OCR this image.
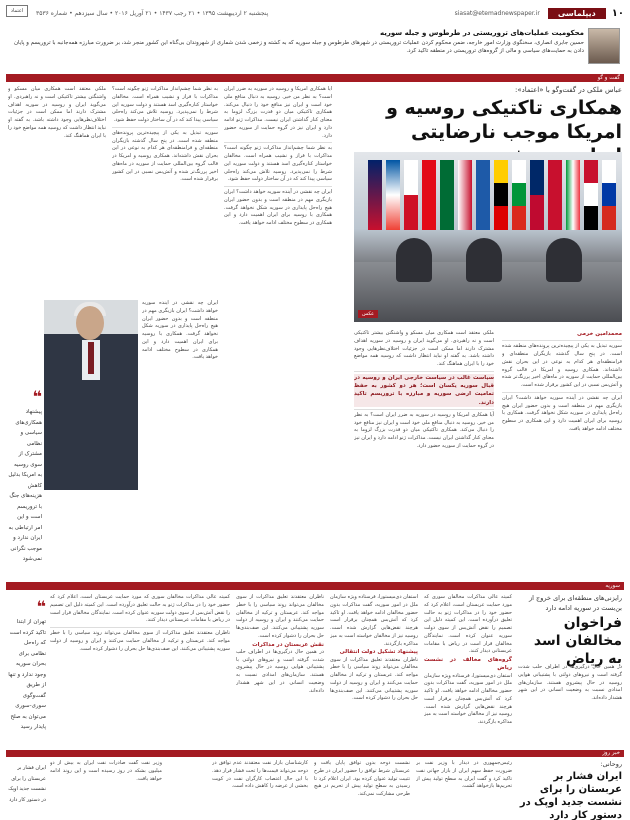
۱۰
دیپلماسی
siasat@etemadnewspaper.ir
پنجشنبه ۲ اردیبهشت ۱۳۹۵ • ۲۱ رجب ۱۴۳۷ • ۲۱ آوریل ۲۰۱۶ • سال سیزدهم • شماره ۳۵۳۶
اعتماد
محکومیت عملیات‌های تروریستی در طرطوس و جبله سوریه
حسین جابری انصاری، سخنگوی وزارت امور خارجه، ضمن محکوم کردن عملیات تروریستی در شهرهای طرطوس و جبله سوریه که به کشته و زخمی شدن شماری از شهروندان بی‌گناه این کشور منجر شد، بر ضرورت مبارزه همه‌جانبه با تروریسم و پایان دادن به حمایت‌های سیاسی و مالی از گروه‌های تروریستی در منطقه تاکید کرد.
گفت و گو
عباس ملکی در گفت‌وگو با «اعتماد»:
همکاری تاکتیکی روسیه و امریکا موجب نارضایتی
عکس
محمدامین خرمی
سوریه تبدیل به یکی از پیچیده‌ترین پرونده‌های منطقه شده است. در پنج سال گذشته بازیگران منطقه‌ای و فرامنطقه‌ای هر کدام به نوعی در این بحران نقش داشته‌اند. همکاری روسیه و امریکا در قالب گروه بین‌المللی حمایت از سوریه در ماه‌های اخیر پررنگ‌تر شده و آتش‌بس نسبی در این کشور برقرار شده است.
ایران چه نقشی در آینده سوریه خواهد داشت؟ ایران بازیگری مهم در منطقه است و بدون حضور ایران هیچ راه‌حل پایداری در سوریه شکل نخواهد گرفت. همکاری با روسیه برای ایران اهمیت دارد و این همکاری در سطوح مختلف ادامه خواهد یافت.
ملکی معتقد است همکاری میان مسکو و واشنگتن بیشتر تاکتیکی است و نه راهبردی. او می‌گوید ایران و روسیه در سوریه اهداف مشترک دارند اما ممکن است در جزئیات اختلاف‌نظرهایی وجود داشته باشد. به گفته او نباید انتظار داشت که روسیه همه مواضع خود را با ایران هماهنگ کند.
سیاست غالب در سیاست خارجی ایران و روسیه در قبال سوریه یکسان است؛ هر دو کشور به حفظ تمامیت ارضی سوریه و مبارزه با تروریسم تاکید دارند.
آیا همکاری امریکا و روسیه در سوریه به ضرر ایران است؟ به نظر من خیر. روسیه به دنبال منافع ملی خود است و ایران نیز منافع خود را دنبال می‌کند. همکاری تاکتیکی میان دو قدرت بزرگ لزوما به معنای کنار گذاشتن ایران نیست. مذاکرات ژنو ادامه دارد و ایران نیز در گروه حمایت از سوریه حضور دارد.
آیا همکاری امریکا و روسیه در سوریه به ضرر ایران است؟ به نظر من خیر. روسیه به دنبال منافع ملی خود است و ایران نیز منافع خود را دنبال می‌کند. همکاری تاکتیکی میان دو قدرت بزرگ لزوما به معنای کنار گذاشتن ایران نیست. مذاکرات ژنو ادامه دارد و ایران نیز در گروه حمایت از سوریه حضور دارد.
به نظر شما چشم‌انداز مذاکرات ژنو چگونه است؟ مذاکرات با فراز و نشیب همراه است. مخالفان خواستار کناره‌گیری اسد هستند و دولت سوریه این شرط را نمی‌پذیرد. روسیه تلاش می‌کند راه‌حلی سیاسی پیدا کند که در آن ساختار دولت حفظ شود.
ایران چه نقشی در آینده سوریه خواهد داشت؟ ایران بازیگری مهم در منطقه است و بدون حضور ایران هیچ راه‌حل پایداری در سوریه شکل نخواهد گرفت. همکاری با روسیه برای ایران اهمیت دارد و این همکاری در سطوح مختلف ادامه خواهد یافت.
به نظر شما چشم‌انداز مذاکرات ژنو چگونه است؟ مذاکرات با فراز و نشیب همراه است. مخالفان خواستار کناره‌گیری اسد هستند و دولت سوریه این شرط را نمی‌پذیرد. روسیه تلاش می‌کند راه‌حلی سیاسی پیدا کند که در آن ساختار دولت حفظ شود.
سوریه تبدیل به یکی از پیچیده‌ترین پرونده‌های منطقه شده است. در پنج سال گذشته بازیگران منطقه‌ای و فرامنطقه‌ای هر کدام به نوعی در این بحران نقش داشته‌اند. همکاری روسیه و امریکا در قالب گروه بین‌المللی حمایت از سوریه در ماه‌های اخیر پررنگ‌تر شده و آتش‌بس نسبی در این کشور برقرار شده است.
ملکی معتقد است همکاری میان مسکو و واشنگتن بیشتر تاکتیکی است و نه راهبردی. او می‌گوید ایران و روسیه در سوریه اهداف مشترک دارند اما ممکن است در جزئیات اختلاف‌نظرهایی وجود داشته باشد. به گفته او نباید انتظار داشت که روسیه همه مواضع خود را با ایران هماهنگ کند.
❝
پیشنهاد همکاری‌های سیاسی و نظامی مشترک از سوی روسیه به امریکا بدلیل کاهش هزینه‌های جنگ با تروریسم است و این امر ارتباطی به ایران ندارد و موجب نگرانی نمی‌شود
ایران چه نقشی در آینده سوریه خواهد داشت؟ ایران بازیگری مهم در منطقه است و بدون حضور ایران هیچ راه‌حل پایداری در سوریه شکل نخواهد گرفت. همکاری با روسیه برای ایران اهمیت دارد و این همکاری در سطوح مختلف ادامه خواهد یافت.
سوریه
رایزنی‌های منطقه‌ای برای خروج از بن‌بست در سوریه ادامه دارد
فراخوان مخالفان اسد به ریاض
در همین حال درگیری‌ها در اطراف حلب شدت گرفته است و نیروهای دولتی با پشتیبانی هوایی روسیه در حال پیشروی هستند. سازمان‌های امدادی نسبت به وضعیت انسانی در این شهر هشدار داده‌اند.
کمیته عالی مذاکرات مخالفان سوری که مورد حمایت عربستان است، اعلام کرد که حضور خود را در مذاکرات ژنو به حالت تعلیق درآورده است. این کمیته دلیل این تصمیم را نقض آتش‌بس از سوی دولت سوریه عنوان کرده است. نمایندگان مخالفان قرار است در ریاض با مقامات عربستانی دیدار کنند.
گروه‌های مخالف در نشست ریاض
استفان دی‌میستورا، فرستاده ویژه سازمان ملل در امور سوریه، گفت مذاکرات بدون حضور مخالفان ادامه خواهد یافت. او تاکید کرد که آتش‌بس همچنان برقرار است هرچند نقض‌هایی گزارش شده است. روسیه نیز از مخالفان خواسته است به میز مذاکره بازگردند.
استفان دی‌میستورا، فرستاده ویژه سازمان ملل در امور سوریه، گفت مذاکرات بدون حضور مخالفان ادامه خواهد یافت. او تاکید کرد که آتش‌بس همچنان برقرار است هرچند نقض‌هایی گزارش شده است. روسیه نیز از مخالفان خواسته است به میز مذاکره بازگردند.
پیشنهاد تشکیل دولت انتقالی
ناظران معتقدند تعلیق مذاکرات از سوی مخالفان می‌تواند روند سیاسی را با خطر مواجه کند. عربستان و ترکیه از مخالفان حمایت می‌کنند و ایران و روسیه از دولت سوریه پشتیبانی می‌کنند. این صف‌بندی‌ها حل بحران را دشوار کرده است.
ناظران معتقدند تعلیق مذاکرات از سوی مخالفان می‌تواند روند سیاسی را با خطر مواجه کند. عربستان و ترکیه از مخالفان حمایت می‌کنند و ایران و روسیه از دولت سوریه پشتیبانی می‌کنند. این صف‌بندی‌ها حل بحران را دشوار کرده است.
نقش عربستان در مذاکرات
در همین حال درگیری‌ها در اطراف حلب شدت گرفته است و نیروهای دولتی با پشتیبانی هوایی روسیه در حال پیشروی هستند. سازمان‌های امدادی نسبت به وضعیت انسانی در این شهر هشدار داده‌اند.
کمیته عالی مذاکرات مخالفان سوری که مورد حمایت عربستان است، اعلام کرد که حضور خود را در مذاکرات ژنو به حالت تعلیق درآورده است. این کمیته دلیل این تصمیم را نقض آتش‌بس از سوی دولت سوریه عنوان کرده است. نمایندگان مخالفان قرار است در ریاض با مقامات عربستانی دیدار کنند.
ناظران معتقدند تعلیق مذاکرات از سوی مخالفان می‌تواند روند سیاسی را با خطر مواجه کند. عربستان و ترکیه از مخالفان حمایت می‌کنند و ایران و روسیه از دولت سوریه پشتیبانی می‌کنند. این صف‌بندی‌ها حل بحران را دشوار کرده است.
❝
تهران از ابتدا تاکید کرده است که راه‌حل نظامی برای بحران سوریه وجود ندارد و تنها از طریق گفت‌وگوی سوری-سوری می‌توان به صلح پایدار رسید
خبر روز
روحانی:
ایران فشار بر عربستان را برای نشست جدید اوپک در دستور کار دارد
رئیس‌جمهوری در دیدار با وزیر نفت بر ضرورت حفظ سهم ایران از بازار جهانی نفت تاکید کرد و گفت ایران به سطح تولید پیش از تحریم‌ها بازخواهد گشت.
نشست دوحه بدون توافق پایان یافت و عربستان شرط توافق را حضور ایران در طرح تثبیت تولید عنوان کرده بود. ایران اعلام کرد تا رسیدن به سطح تولید پیش از تحریم در هیچ طرحی مشارکت نمی‌کند.
کارشناسان بازار نفت معتقدند عدم توافق در دوحه می‌تواند قیمت‌ها را تحت فشار قرار دهد. با این حال اعتصاب کارگران نفت در کویت بخشی از عرضه را کاهش داده است.
وزیر نفت گفت صادرات نفت ایران به بیش از دو میلیون بشکه در روز رسیده است و این روند ادامه خواهد یافت.
ایران فشار بر عربستان را برای نشست جدید اوپک در دستور کار دارد
